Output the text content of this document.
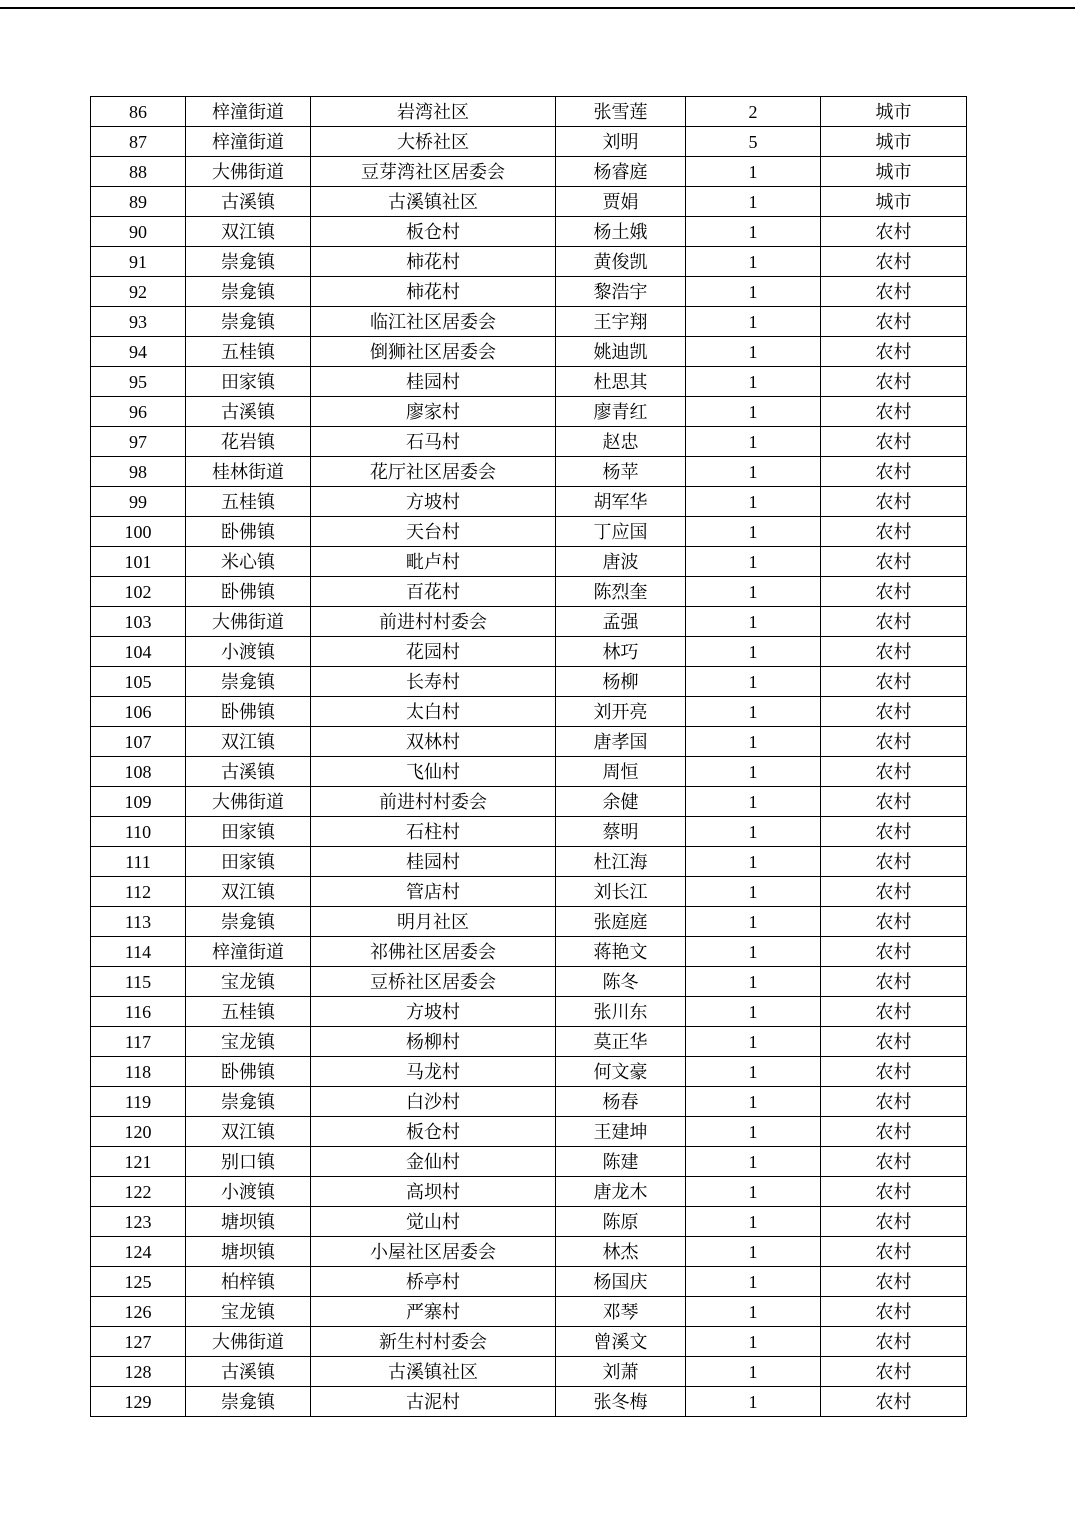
86	梓潼街道	岩湾社区	张雪莲	2	城市
87	梓潼街道	大桥社区	刘明	5	城市
88	大佛街道	豆芽湾社区居委会	杨睿庭	1	城市
89	古溪镇	古溪镇社区	贾娟	1	城市
90	双江镇	板仓村	杨土娥	1	农村
91	崇龛镇	柿花村	黄俊凯	1	农村
92	崇龛镇	柿花村	黎浩宇	1	农村
93	崇龛镇	临江社区居委会	王宇翔	1	农村
94	五桂镇	倒狮社区居委会	姚迪凯	1	农村
95	田家镇	桂园村	杜思其	1	农村
96	古溪镇	廖家村	廖青红	1	农村
97	花岩镇	石马村	赵忠	1	农村
98	桂林街道	花厅社区居委会	杨苹	1	农村
99	五桂镇	方坡村	胡军华	1	农村
100	卧佛镇	天台村	丁应国	1	农村
101	米心镇	毗卢村	唐波	1	农村
102	卧佛镇	百花村	陈烈奎	1	农村
103	大佛街道	前进村村委会	孟强	1	农村
104	小渡镇	花园村	林巧	1	农村
105	崇龛镇	长寿村	杨柳	1	农村
106	卧佛镇	太白村	刘开亮	1	农村
107	双江镇	双林村	唐孝国	1	农村
108	古溪镇	飞仙村	周恒	1	农村
109	大佛街道	前进村村委会	余健	1	农村
110	田家镇	石柱村	蔡明	1	农村
111	田家镇	桂园村	杜江海	1	农村
112	双江镇	管店村	刘长江	1	农村
113	崇龛镇	明月社区	张庭庭	1	农村
114	梓潼街道	祁佛社区居委会	蒋艳文	1	农村
115	宝龙镇	豆桥社区居委会	陈冬	1	农村
116	五桂镇	方坡村	张川东	1	农村
117	宝龙镇	杨柳村	莫正华	1	农村
118	卧佛镇	马龙村	何文豪	1	农村
119	崇龛镇	白沙村	杨春	1	农村
120	双江镇	板仓村	王建坤	1	农村
121	别口镇	金仙村	陈建	1	农村
122	小渡镇	高坝村	唐龙木	1	农村
123	塘坝镇	觉山村	陈原	1	农村
124	塘坝镇	小屋社区居委会	林杰	1	农村
125	柏梓镇	桥亭村	杨国庆	1	农村
126	宝龙镇	严寨村	邓琴	1	农村
127	大佛街道	新生村村委会	曾溪文	1	农村
128	古溪镇	古溪镇社区	刘萧	1	农村
129	崇龛镇	古泥村	张冬梅	1	农村
